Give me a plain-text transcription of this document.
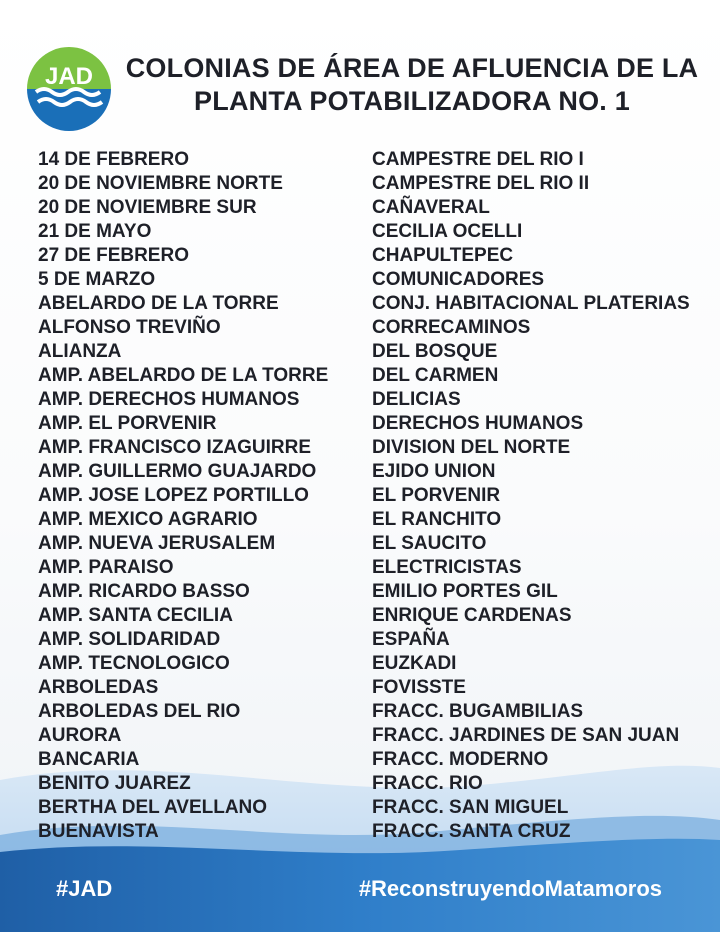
JAD	COLONIAS DE ÁREA DE AFLUENCIA DE LA
PLANTA POTABILIZADORA NO. 1
14 DE FEBRERO
20 DE NOVIEMBRE NORTE
20 DE NOVIEMBRE SUR
21 DE MAYO
27 DE FEBRERO
5 DE MARZO
ABELARDO DE LA TORRE
ALFONSO TREVIÑO
ALIANZA
AMP. ABELARDO DE LA TORRE
AMP. DERECHOS HUMANOS
AMP. EL PORVENIR
AMP. FRANCISCO IZAGUIRRE
AMP. GUILLERMO GUAJARDO
AMP. JOSE LOPEZ PORTILLO
AMP. MEXICO AGRARIO
AMP. NUEVA JERUSALEM
AMP. PARAISO
AMP. RICARDO BASSO
AMP. SANTA CECILIA
AMP. SOLIDARIDAD
AMP. TECNOLOGICO
ARBOLEDAS
ARBOLEDAS DEL RIO
AURORA
BANCARIA
BENITO JUAREZ
BERTHA DEL AVELLANO
BUENAVISTA
CAMPESTRE DEL RIO I
CAMPESTRE DEL RIO II
CAÑAVERAL
CECILIA OCELLI
CHAPULTEPEC
COMUNICADORES
CONJ. HABITACIONAL PLATERIAS
CORRECAMINOS
DEL BOSQUE
DEL CARMEN
DELICIAS
DERECHOS HUMANOS
DIVISION DEL NORTE
EJIDO UNION
EL PORVENIR
EL RANCHITO
EL SAUCITO
ELECTRICISTAS
EMILIO PORTES GIL
ENRIQUE CARDENAS
ESPAÑA
EUZKADI
FOVISSTE
FRACC. BUGAMBILIAS
FRACC. JARDINES DE SAN JUAN
FRACC. MODERNO
FRACC. RIO
FRACC. SAN MIGUEL
FRACC. SANTA CRUZ
#JAD	#ReconstruyendoMatamoros
